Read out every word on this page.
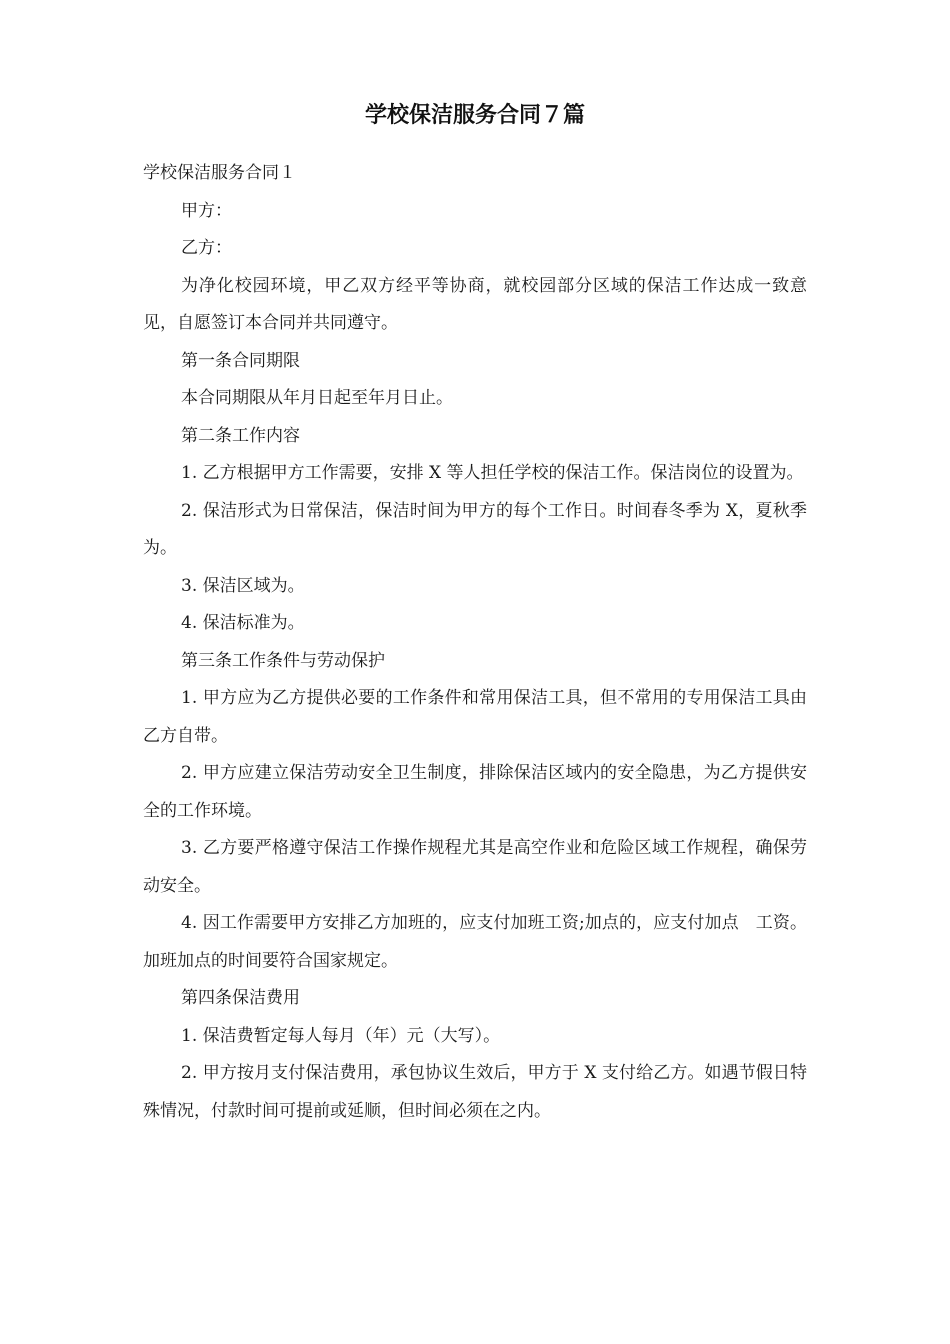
学校保洁服务合同７篇

学校保洁服务合同１

甲方：

乙方：

为净化校园环境，甲乙双方经平等协商，就校园部分区域的保洁工作达成一致意见，自愿签订本合同并共同遵守。

第一条合同期限

本合同期限从年月日起至年月日止。

第二条工作内容

1. 乙方根据甲方工作需要，安排 X 等人担任学校的保洁工作。保洁岗位的设置为。

2. 保洁形式为日常保洁，保洁时间为甲方的每个工作日。时间春冬季为 X，夏秋季为。

3. 保洁区域为。

4. 保洁标准为。

第三条工作条件与劳动保护

1. 甲方应为乙方提供必要的工作条件和常用保洁工具，但不常用的专用保洁工具由乙方自带。

2. 甲方应建立保洁劳动安全卫生制度，排除保洁区域内的安全隐患，为乙方提供安全的工作环境。

3. 乙方要严格遵守保洁工作操作规程尤其是高空作业和危险区域工作规程，确保劳动安全。

4. 因工作需要甲方安排乙方加班的，应支付加班工资;加点的，应支付加点　工资。加班加点的时间要符合国家规定。

第四条保洁费用

1. 保洁费暂定每人每月（年）元（大写）。

2. 甲方按月支付保洁费用，承包协议生效后，甲方于 X 支付给乙方。如遇节假日特殊情况，付款时间可提前或延顺，但时间必须在之内。
